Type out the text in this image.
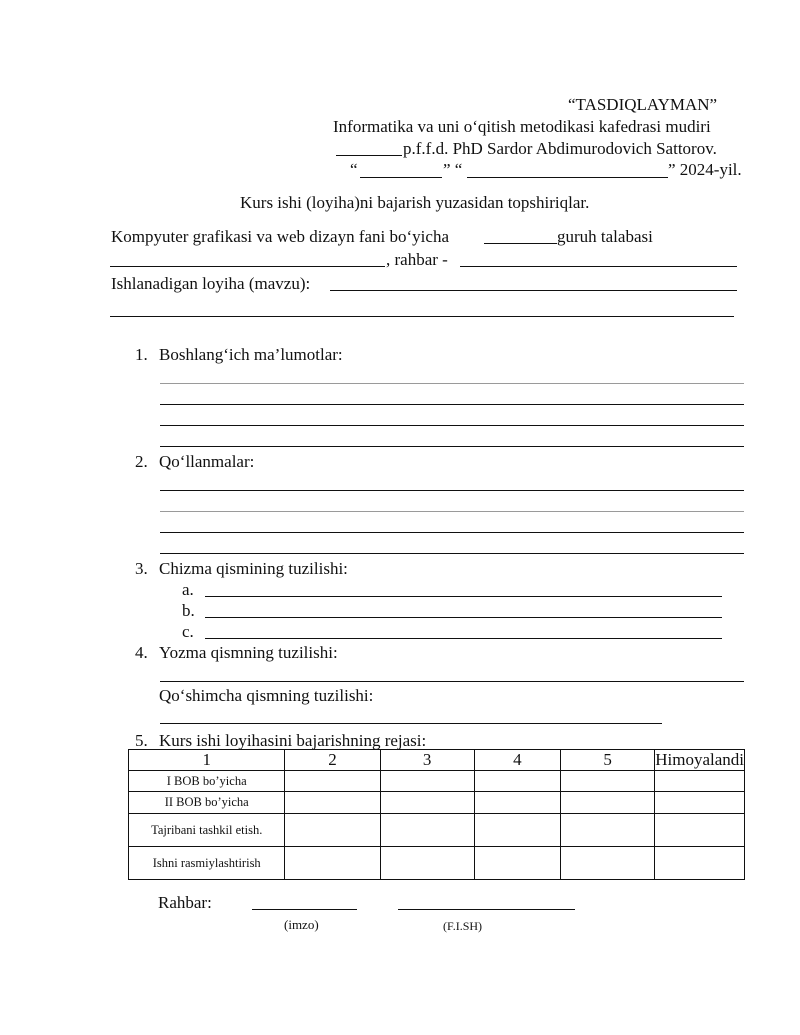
“TASDIQLAYMAN”
Informatika va uni o‘qitish metodikasi kafedrasi mudiri
p.f.f.d. PhD Sardor Abdimurodovich Sattorov.
“	” “	” 2024-yil.
Kurs ishi (loyiha)ni bajarish yuzasidan topshiriqlar.
Kompyuter grafikasi va web dizayn fani bo‘yicha	guruh talabasi
, rahbar -
Ishlanadigan loyiha (mavzu):
1. Boshlang‘ich ma’lumotlar:
2. Qo‘llanmalar:
3. Chizma qismining tuzilishi:
a.
b.
c.
4. Yozma qismning tuzilishi:
Qo‘shimcha qismning tuzilishi:
5. Kurs ishi loyihasini bajarishning rejasi:
1	2	3	4	5	Himoyalandi
I BOB bo’yicha					
II BOB bo’yicha					
Tajribani tashkil etish.					
Ishni rasmiylashtirish					
Rahbar:
(imzo)	(F.I.SH)
